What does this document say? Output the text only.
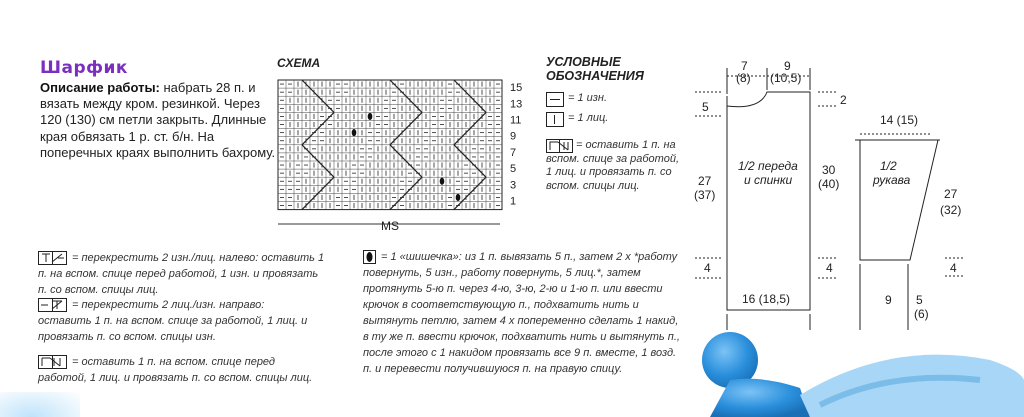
Шарфик
Описание работы: набрать 28 п. и вязать между кром. резинкой. Через 120 (130) см петли закрыть. Длинные края обвязать 1 р. ст. б/н. На поперечных краях выполнить бахрому.
СХЕМА
15
13
11
9
7
5
3
1
MS
УСЛОВНЫЕ
ОБОЗНАЧЕНИЯ
= 1 изн.
= 1 лиц.
= оставить 1 п. на вспом. спице за работой, 1 лиц. и провязать п. со вспом. спицы лиц.
= перекрестить 2 изн./лиц. налево: оставить 1 п. на вспом. спице перед работой, 1 изн. и провязать п. со вспом. спицы лиц.
= перекрестить 2 лиц./изн. направо: оставить 1 п. на вспом. спице за работой, 1 лиц. и провязать п. со вспом. спицы изн.
= оставить 1 п. на вспом. спице перед работой, 1 лиц. и провязать п. со вспом. спицы лиц.
= 1 «шишечка»: из 1 п. вывязать 5 п., затем 2 х *работу повернуть, 5 изн., работу повернуть, 5 лиц.*, затем протянуть 5-ю п. через 4-ю, 3-ю, 2-ю и 1-ю п. или ввести крючок в соответствующую п., подхватить нить и вытянуть петлю, затем 4 х попеременно сделать 1 накид, в ту же п. ввести крючок, подхватить нить и вытянуть п., после этого с 1 накидом провязать все 9 п. вместе, 1 возд. п. и перевести получившуюся п. на правую спицу.
7
(8)
9
(10,5)
5	2
27
(37)
30
(40)
4	4
16 (18,5)
14 (15)
27
(32)
4
9 5
(6)
1/2 переда
и спинки
1/2
рукава
